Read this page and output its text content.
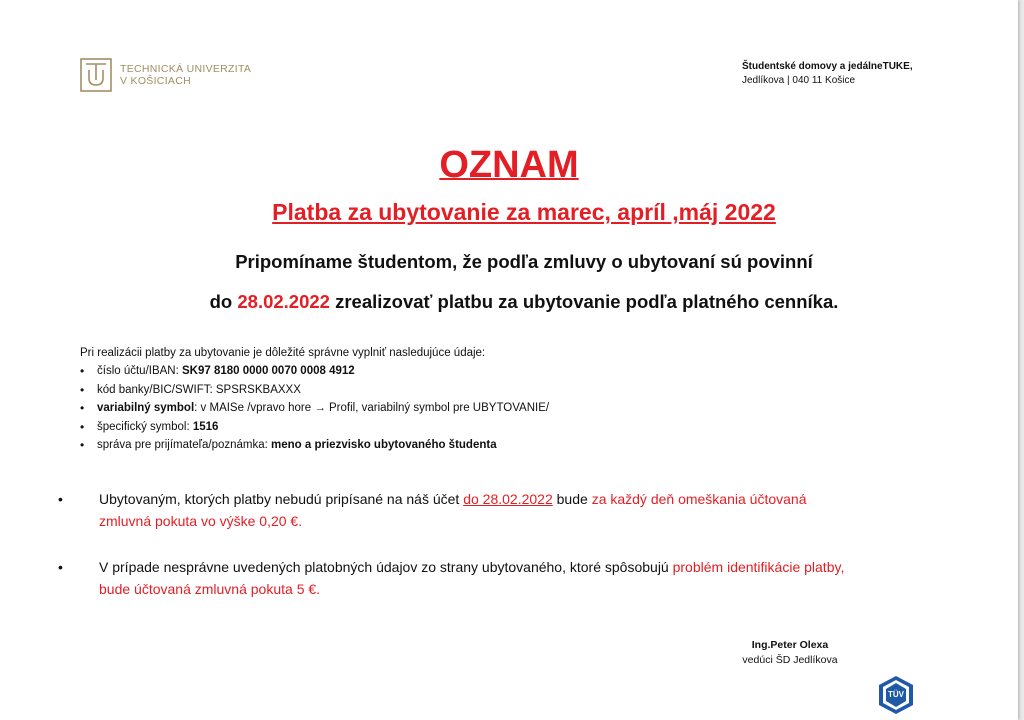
TECHNICKÁ UNIVERZITA
V KOŠICIACH
Študentské domovy a jedálneTUKE,
Jedlíkova | 040 11 Košice
OZNAM
Platba za ubytovanie za marec, apríl ,máj 2022
Pripomíname študentom, že podľa zmluvy o ubytovaní sú povinní
do 28.02.2022 zrealizovať platbu za ubytovanie podľa platného cenníka.
Pri realizácii platby za ubytovanie je dôležité správne vyplniť nasledujúce údaje:
• číslo účtu/IBAN: SK97 8180 0000 0070 0008 4912
• kód banky/BIC/SWIFT: SPSRSKBAXXX
• variabilný symbol: v MAISe /vpravo hore → Profil, variabilný symbol pre UBYTOVANIE/
• špecifický symbol: 1516
• správa pre prijímateľa/poznámka: meno a priezvisko ubytovaného študenta
•	Ubytovaným, ktorých platby nebudú pripísané na náš účet do 28.02.2022 bude za každý deň omeškania účtovaná
zmluvná pokuta vo výške 0,20 €.
•	V prípade nesprávne uvedených platobných údajov zo strany ubytovaného, ktoré spôsobujú problém identifikácie platby,
bude účtovaná zmluvná pokuta 5 €.
Ing.Peter Olexa
vedúci ŠD Jedlíkova
TÜV
